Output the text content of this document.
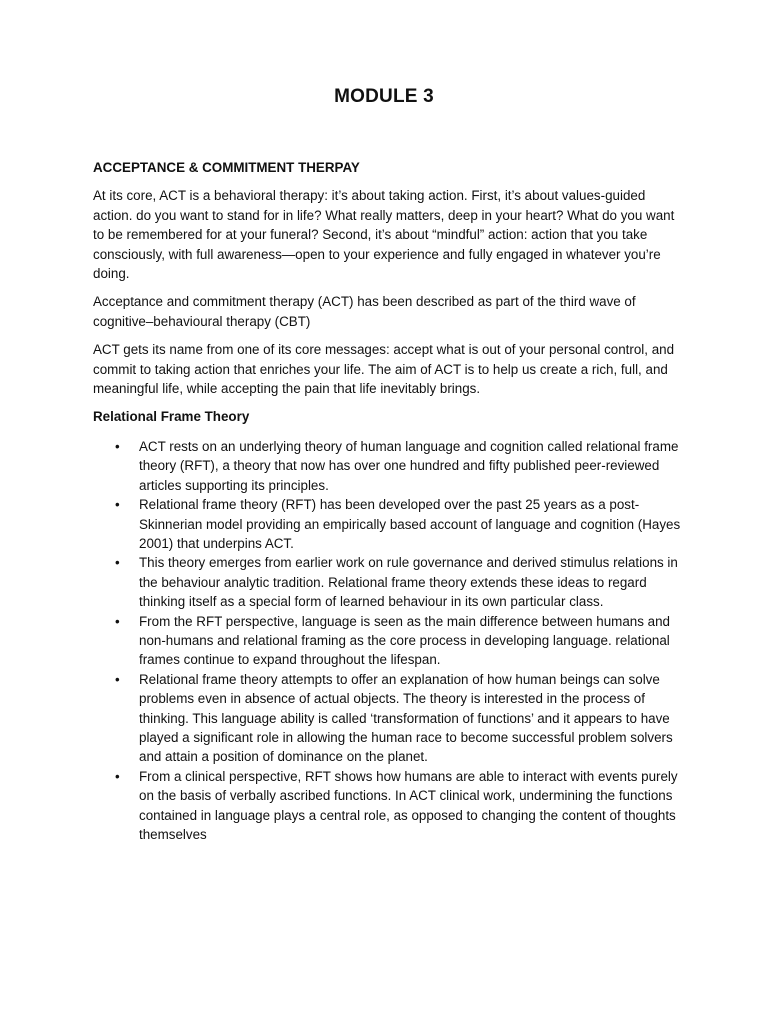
MODULE 3
ACCEPTANCE & COMMITMENT THERPAY

At its core, ACT is a behavioral therapy: it’s about taking action. First, it’s about values-guided action. do you want to stand for in life? What really matters, deep in your heart? What do you want to be remembered for at your funeral? Second, it’s about “mindful” action: action that you take consciously, with full awareness—open to your experience and fully engaged in whatever you’re doing.

Acceptance and commitment therapy (ACT) has been described as part of the third wave of cognitive–behavioural therapy (CBT)

ACT gets its name from one of its core messages: accept what is out of your personal control, and commit to taking action that enriches your life. The aim of ACT is to help us create a rich, full, and meaningful life, while accepting the pain that life inevitably brings.

Relational Frame Theory
• ACT rests on an underlying theory of human language and cognition called relational frame theory (RFT), a theory that now has over one hundred and fifty published peer-reviewed articles supporting its principles.
• Relational frame theory (RFT) has been developed over the past 25 years as a post-Skinnerian model providing an empirically based account of language and cognition (Hayes 2001) that underpins ACT.
• This theory emerges from earlier work on rule governance and derived stimulus relations in the behaviour analytic tradition. Relational frame theory extends these ideas to regard thinking itself as a special form of learned behaviour in its own particular class.
• From the RFT perspective, language is seen as the main difference between humans and non-humans and relational framing as the core process in developing language. relational frames continue to expand throughout the lifespan.
• Relational frame theory attempts to offer an explanation of how human beings can solve problems even in absence of actual objects. The theory is interested in the process of thinking. This language ability is called ‘transformation of functions’ and it appears to have played a significant role in allowing the human race to become successful problem solvers and attain a position of dominance on the planet.
• From a clinical perspective, RFT shows how humans are able to interact with events purely on the basis of verbally ascribed functions. In ACT clinical work, undermining the functions contained in language plays a central role, as opposed to changing the content of thoughts themselves
